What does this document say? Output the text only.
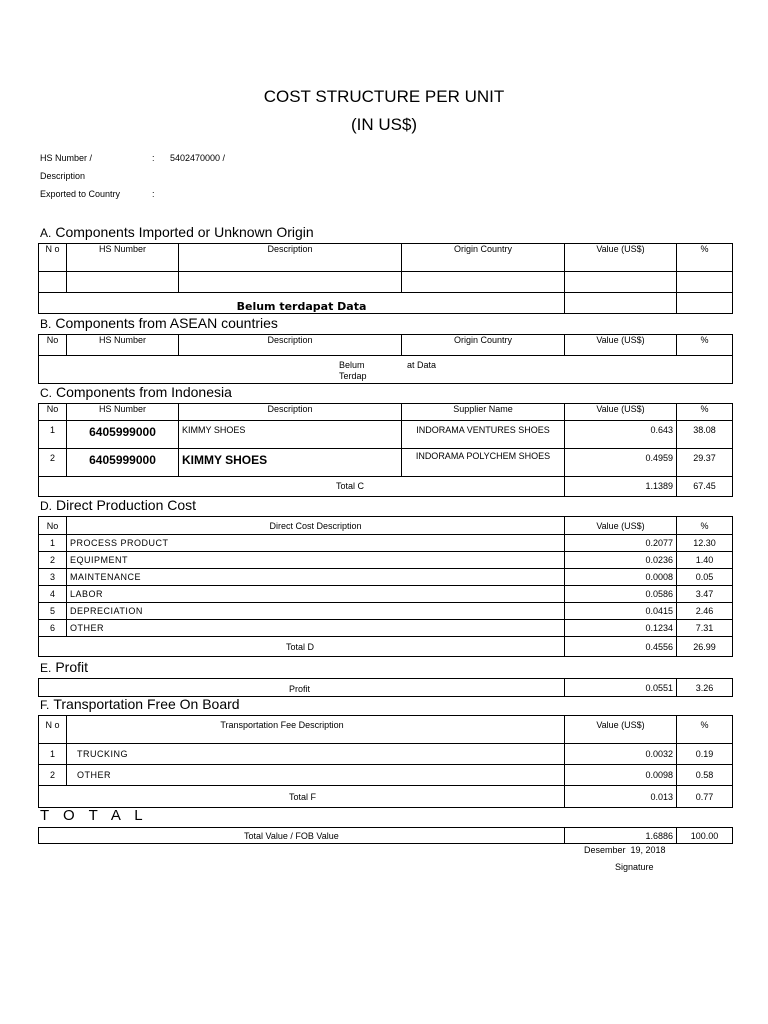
COST STRUCTURE PER UNIT
(IN US$)
HS Number /	: 5402470000 /
Description
Exported to Country	:
A. Components Imported or Unknown Origin
N o	HS Number	Description	Origin Country	Value (US$)	%

Belum terdapat Data					
B. Components from ASEAN countries
No	HS Number	Description	Origin Country	Value (US$)	%

Belum Terdap
at Data
C. Components from Indonesia
No	HS Number	Description	Supplier Name	Value (US$)	%
1	6405999000	KIMMY SHOES	INDORAMA VENTURES SHOES	0.643	38.08
2	6405999000	KIMMY SHOES	INDORAMA POLYCHEM SHOES	0.4959	29.37
Total C				1.1389	67.45
D. Direct Production Cost
No	Direct Cost Description	Value (US$)	%
1	PROCESS PRODUCT	0.2077	12.30
2	EQUIPMENT	0.0236	1.40
3	MAINTENANCE	0.0008	0.05
4	LABOR	0.0586	3.47
5	DEPRECIATION	0.0415	2.46
6	OTHER	0.1234	7.31
Total D		0.4556	26.99
E. Profit
Profit	0.0551	3.26
F. Transportation Free On Board
N o	Transportation Fee Description	Value (US$)	%
1	TRUCKING	0.0032	0.19
2	OTHER	0.0098	0.58
Total F		0.013	0.77
T O T A L
Total Value / FOB Value	1.6886	100.00
Desember  19, 2018
Signature
